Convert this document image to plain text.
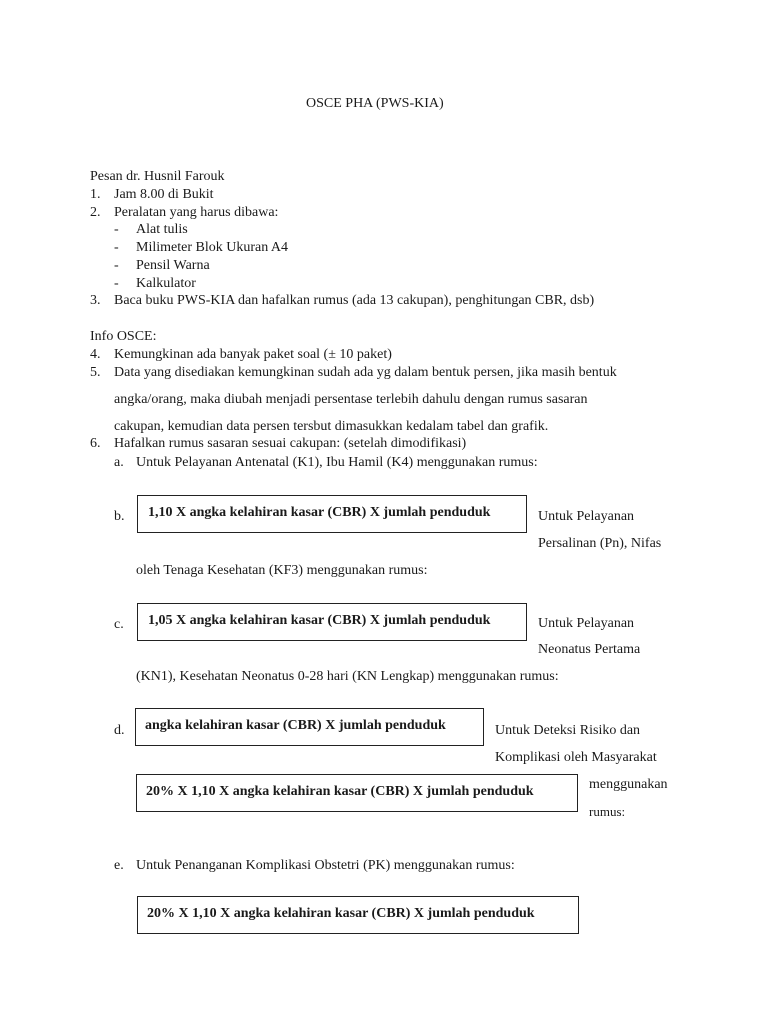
OSCE PHA (PWS-KIA)
Pesan dr. Husnil Farouk
1. Jam 8.00 di Bukit
2. Peralatan yang harus dibawa:
- Alat tulis
- Milimeter Blok Ukuran A4
- Pensil Warna
- Kalkulator
3. Baca buku PWS-KIA dan hafalkan rumus (ada 13 cakupan), penghitungan CBR, dsb)
Info OSCE:
4. Kemungkinan ada banyak paket soal (± 10 paket)
5. Data yang disediakan kemungkinan sudah ada yg dalam bentuk persen, jika masih bentuk
angka/orang, maka diubah menjadi persentase terlebih dahulu dengan rumus sasaran
cakupan, kemudian data persen tersbut dimasukkan kedalam tabel dan grafik.
6. Hafalkan rumus sasaran sesuai cakupan: (setelah dimodifikasi)
a. Untuk Pelayanan Antenatal (K1), Ibu Hamil (K4) menggunakan rumus:
b. 1,10 X angka kelahiran kasar (CBR) X jumlah penduduk	Untuk Pelayanan
Persalinan (Pn), Nifas
oleh Tenaga Kesehatan (KF3) menggunakan rumus:
c. 1,05 X angka kelahiran kasar (CBR) X jumlah penduduk	Untuk Pelayanan
Neonatus Pertama
(KN1), Kesehatan Neonatus 0-28 hari (KN Lengkap) menggunakan rumus:
d. angka kelahiran kasar (CBR) X jumlah penduduk	Untuk Deteksi Risiko dan
Komplikasi oleh Masyarakat
20% X 1,10 X angka kelahiran kasar (CBR) X jumlah penduduk	menggunakan
rumus:
e. Untuk Penanganan Komplikasi Obstetri (PK) menggunakan rumus:
20% X 1,10 X angka kelahiran kasar (CBR) X jumlah penduduk
